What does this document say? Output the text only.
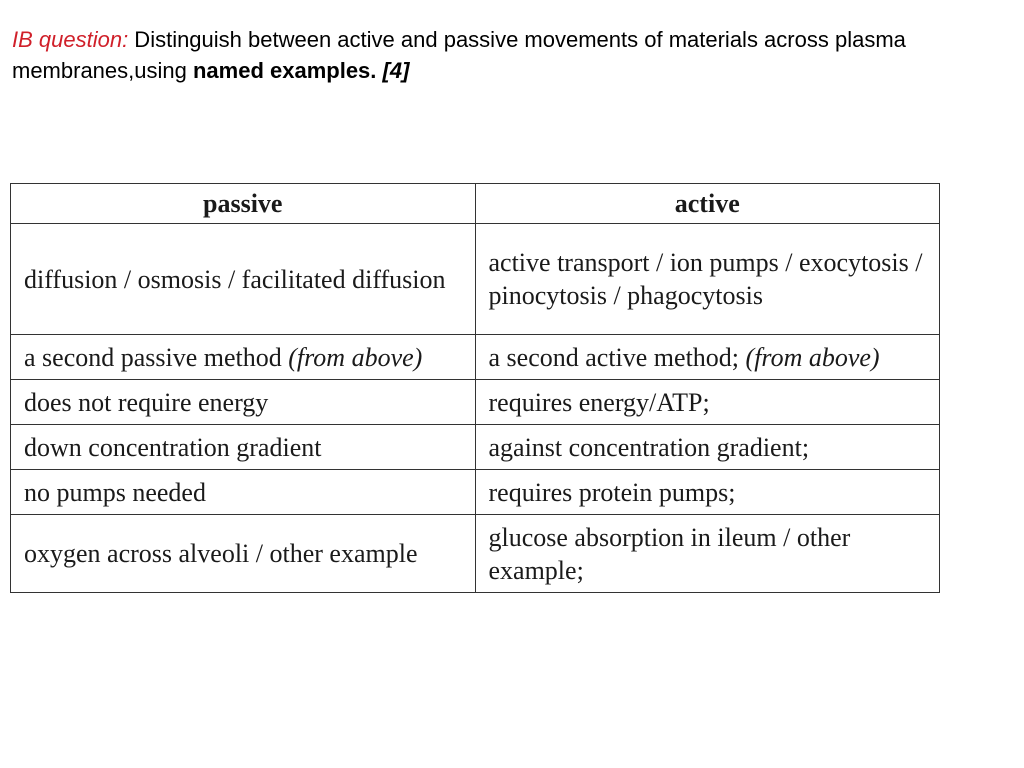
IB question: Distinguish between active and passive movements of materials across plasma membranes,using named examples. [4]
passive	active
diffusion / osmosis / facilitated diffusion	active transport / ion pumps / exocytosis / pinocytosis / phagocytosis
a second passive method (from above)	a second active method; (from above)
does not require energy	requires energy/ATP;
down concentration gradient	against concentration gradient;
no pumps needed	requires protein pumps;
oxygen across alveoli / other example	glucose absorption in ileum / other example;
